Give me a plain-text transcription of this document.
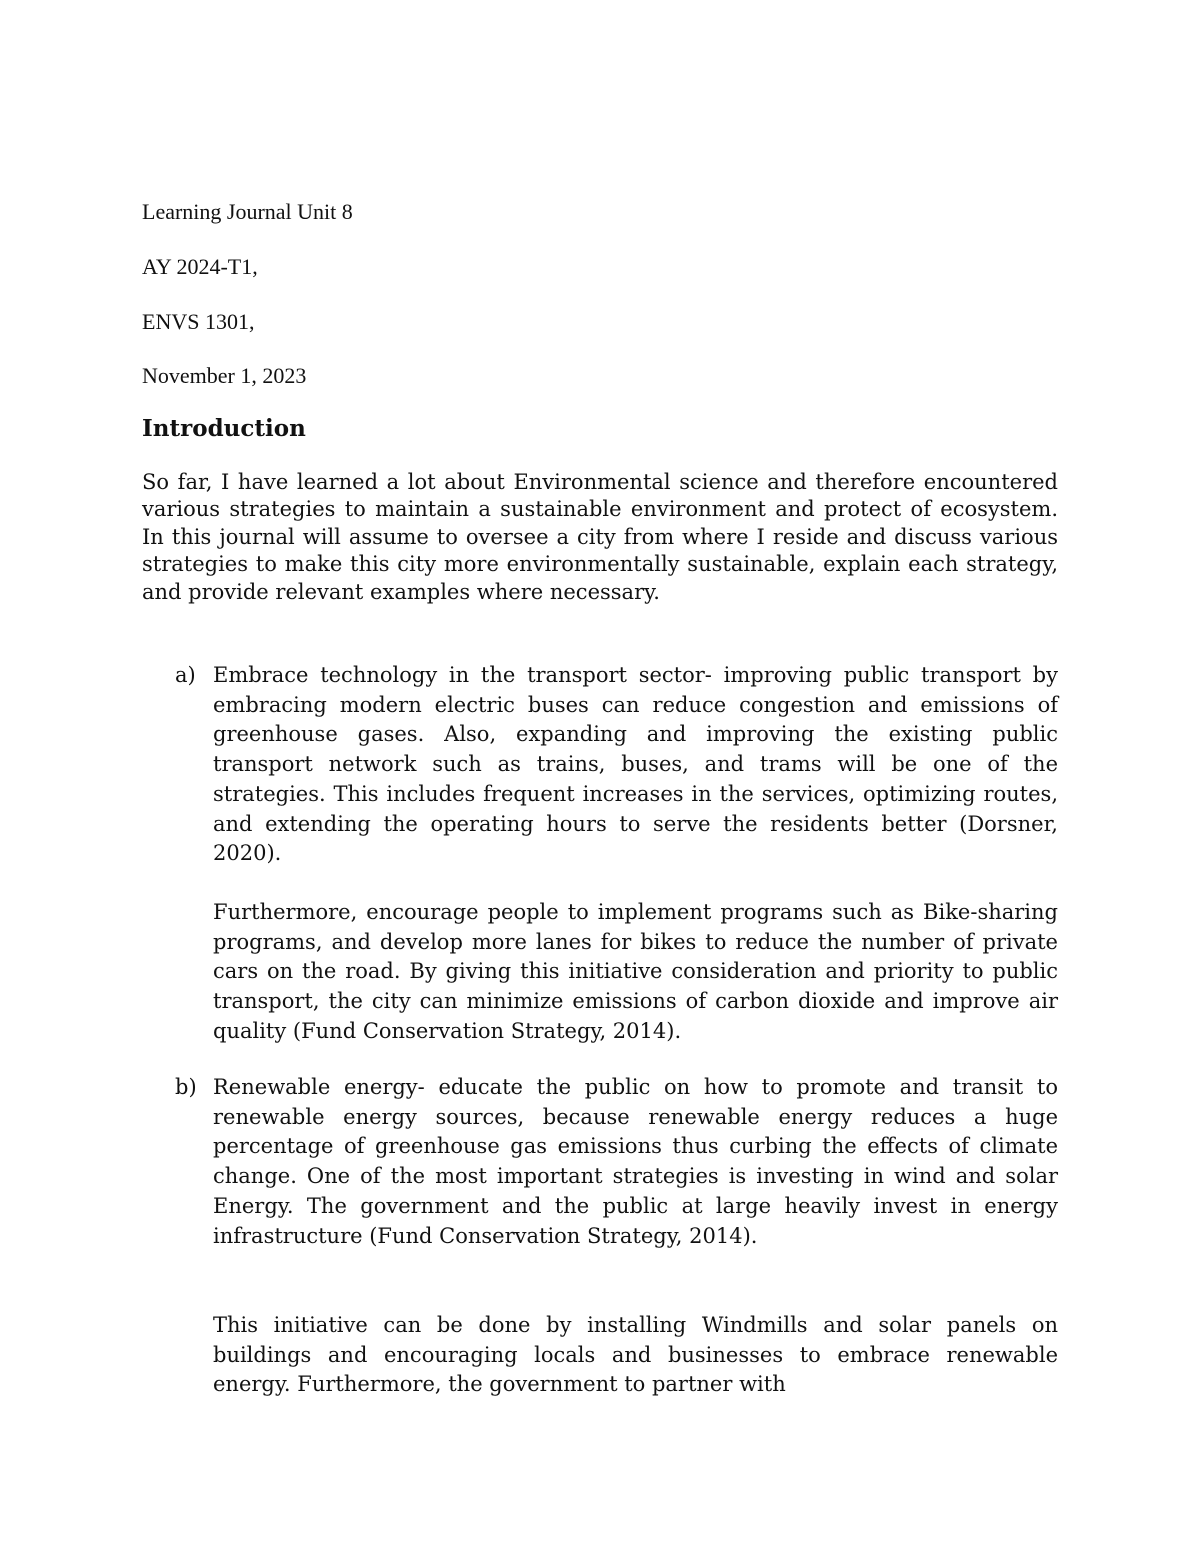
Learning Journal Unit 8

AY 2024-T1,

ENVS 1301,

November 1, 2023

Introduction

So far, I have learned a lot about Environmental science and therefore encountered various strategies to maintain a sustainable environment and protect of ecosystem. In this journal will assume to oversee a city from where I reside and discuss various strategies to make this city more environmentally sustainable, explain each strategy, and provide relevant examples where necessary.

a) Embrace technology in the transport sector- improving public transport by embracing modern electric buses can reduce congestion and emissions of greenhouse gases. Also, expanding and improving the existing public transport network such as trains, buses, and trams will be one of the strategies. This includes frequent increases in the services, optimizing routes, and extending the operating hours to serve the residents better (Dorsner, 2020).

Furthermore, encourage people to implement programs such as Bike-sharing programs, and develop more lanes for bikes to reduce the number of private cars on the road. By giving this initiative consideration and priority to public transport, the city can minimize emissions of carbon dioxide and improve air quality (Fund Conservation Strategy, 2014).

b) Renewable energy- educate the public on how to promote and transit to renewable energy sources, because renewable energy reduces a huge percentage of greenhouse gas emissions thus curbing the effects of climate change. One of the most important strategies is investing in wind and solar Energy. The government and the public at large heavily invest in energy infrastructure (Fund Conservation Strategy, 2014).

This initiative can be done by installing Windmills and solar panels on buildings and encouraging locals and businesses to embrace renewable energy. Furthermore, the government to partner with
